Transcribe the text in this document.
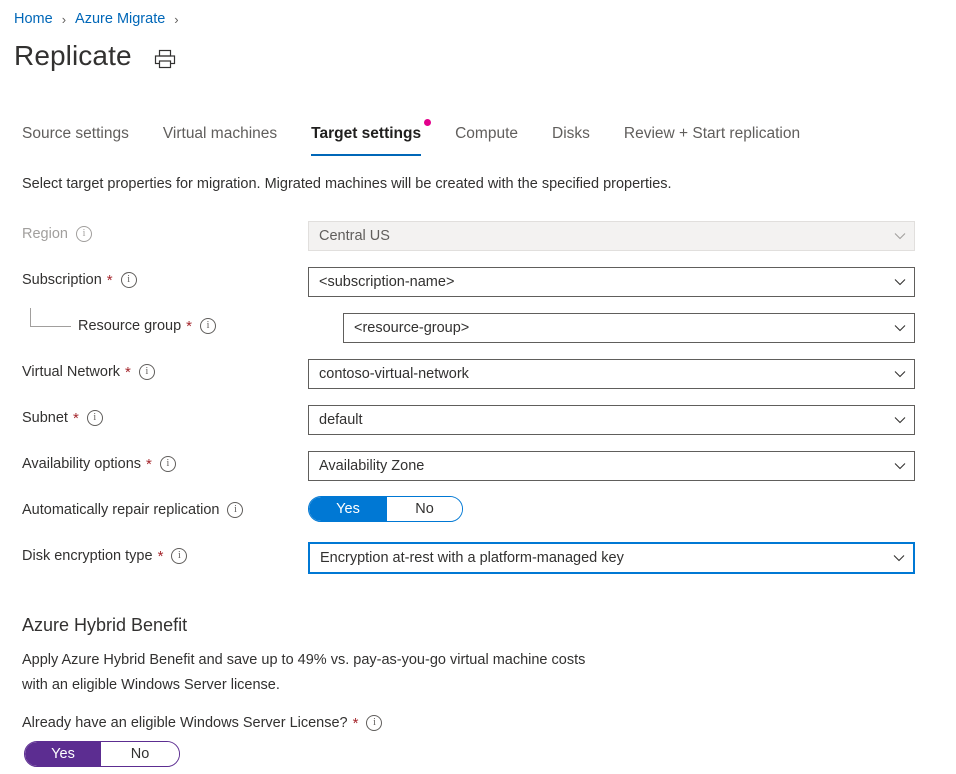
Home › Azure Migrate ›
Replicate
Source settings Virtual machines Target settings Compute Disks Review + Start replication
Select target properties for migration. Migrated machines will be created with the specified properties.
Region	i	Central US
Subscription *	i	<subscription-name>
Resource group *	i	<resource-group>
Virtual Network *	i	contoso-virtual-network
Subnet *	i	default
Availability options *	i	Availability Zone
Automatically repair replication	i	Yes	No
Disk encryption type *	i	Encryption at-rest with a platform-managed key
Azure Hybrid Benefit
Apply Azure Hybrid Benefit and save up to 49% vs. pay-as-you-go virtual machine costs
with an eligible Windows Server license.
Already have an eligible Windows Server License? *	i
Yes	No
